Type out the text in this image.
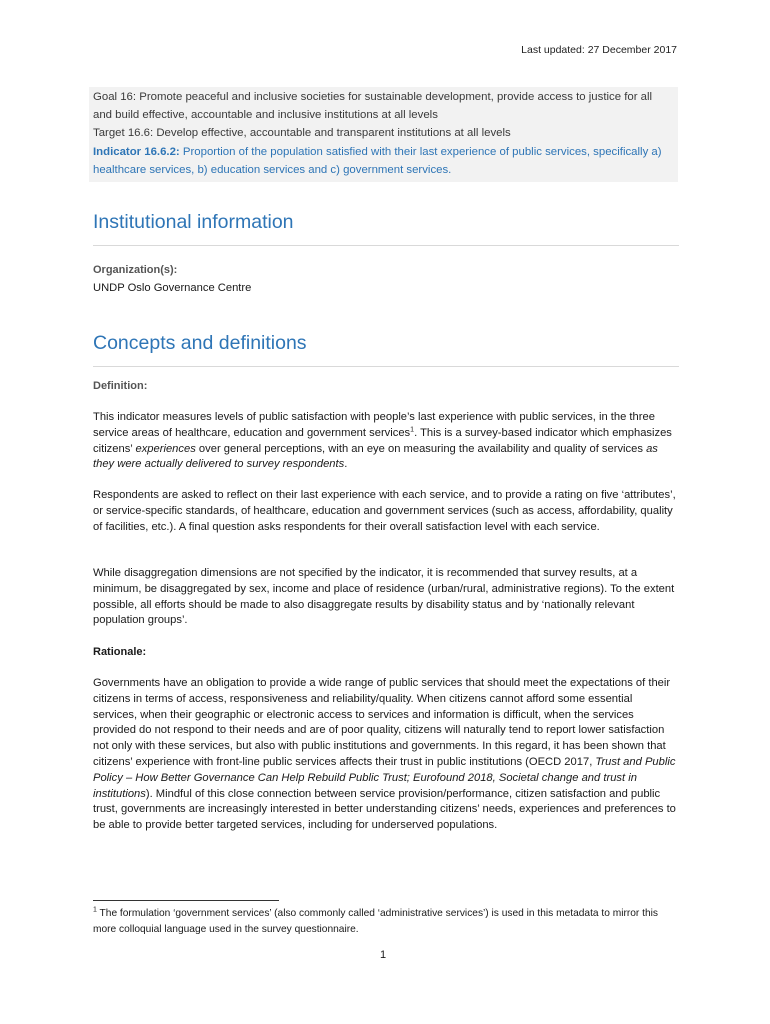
Last updated: 27 December 2017

Goal 16: Promote peaceful and inclusive societies for sustainable development, provide access to justice for all and build effective, accountable and inclusive institutions at all levels

Target 16.6: Develop effective, accountable and transparent institutions at all levels

Indicator 16.6.2: Proportion of the population satisfied with their last experience of public services, specifically a) healthcare services, b) education services and c) government services.

Institutional information
Organization(s):
UNDP Oslo Governance Centre
Concepts and definitions
Definition:

This indicator measures levels of public satisfaction with people’s last experience with public services, in the three service areas of healthcare, education and government services$^1$. This is a survey-based indicator which emphasizes citizens’ experiences over general perceptions, with an eye on measuring the availability and quality of services as they were actually delivered to survey respondents.

Respondents are asked to reflect on their last experience with each service, and to provide a rating on five ‘attributes’, or service-specific standards, of healthcare, education and government services (such as access, affordability, quality of facilities, etc.). A final question asks respondents for their overall satisfaction level with each service.
While disaggregation dimensions are not specified by the indicator, it is recommended that survey results, at a minimum, be disaggregated by sex, income and place of residence (urban/rural, administrative regions). To the extent possible, all efforts should be made to also disaggregate results by disability status and by ‘nationally relevant population groups’.
Rationale:

Governments have an obligation to provide a wide range of public services that should meet the expectations of their citizens in terms of access, responsiveness and reliability/quality. When citizens cannot afford some essential services, when their geographic or electronic access to services and information is difficult, when the services provided do not respond to their needs and are of poor quality, citizens will naturally tend to report lower satisfaction not only with these services, but also with public institutions and governments. In this regard, it has been shown that citizens’ experience with front-line public services affects their trust in public institutions (OECD 2017, Trust and Public Policy – How Better Governance Can Help Rebuild Public Trust; Eurofound 2018, Societal change and trust in institutions). Mindful of this close connection between service provision/performance, citizen satisfaction and public trust, governments are increasingly interested in better understanding citizens’ needs, experiences and preferences to be able to provide better targeted services, including for underserved populations.

$^1$ The formulation ‘government services’ (also commonly called ‘administrative services’) is used in this metadata to mirror this more colloquial language used in the survey questionnaire.
1
